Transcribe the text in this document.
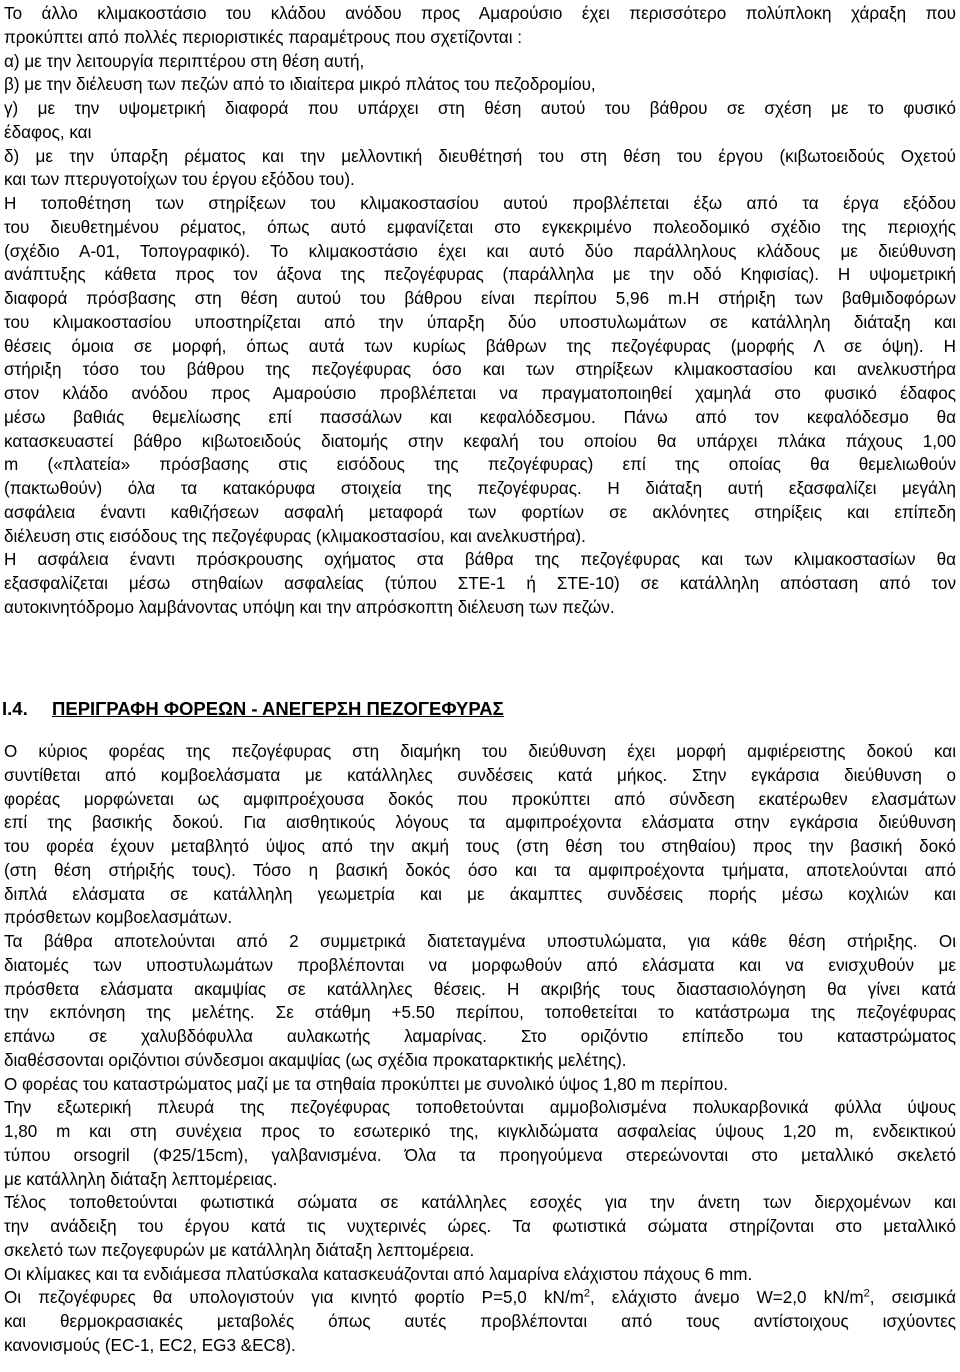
Το άλλο κλιμακοστάσιο του κλάδου ανόδου προς Αμαρούσιο έχει περισσότερο πολύπλοκη χάραξη που
προκύπτει από πολλές περιοριστικές παραμέτρους που σχετίζονται :
α) με την λειτουργία περιπτέρου στη θέση αυτή,
β) με την διέλευση των πεζών από το ιδιαίτερα μικρό πλάτος του πεζοδρομίου,
γ) με την υψομετρική διαφορά που υπάρχει στη θέση αυτού του βάθρου σε σχέση με το φυσικό
έδαφος, και
δ) με την ύπαρξη ρέματος και την μελλοντική διευθέτησή του στη θέση του έργου (κιβωτοειδούς Οχετού
και των πτερυγοτοίχων του έργου εξόδου του).
Η τοποθέτηση των στηρίξεων του κλιμακοστασίου αυτού προβλέπεται έξω από τα έργα εξόδου
του διευθετημένου ρέματος, όπως αυτό εμφανίζεται στο εγκεκριμένο πολεοδομικό σχέδιο της περιοχής
(σχέδιο Α-01, Τοπογραφικό). Το κλιμακοστάσιο έχει και αυτό δύο παράλληλους κλάδους με διεύθυνση
ανάπτυξης κάθετα προς τον άξονα της πεζογέφυρας (παράλληλα με την οδό Κηφισίας). Η υψομετρική
διαφορά πρόσβασης στη θέση αυτού του βάθρου είναι περίπου 5,96 m.Η στήριξη των βαθμιδοφόρων
του κλιμακοστασίου υποστηρίζεται από την ύπαρξη δύο υποστυλωμάτων σε κατάλληλη διάταξη και
θέσεις όμοια σε μορφή, όπως αυτά των κυρίως βάθρων της πεζογέφυρας (μορφής Λ σε όψη). Η
στήριξη τόσο του βάθρου της πεζογέφυρας όσο και των στηρίξεων κλιμακοστασίου και ανελκυστήρα
στον κλάδο ανόδου προς Αμαρούσιο προβλέπεται να πραγματοποιηθεί χαμηλά στο φυσικό έδαφος
μέσω βαθιάς θεμελίωσης επί πασσάλων και κεφαλόδεσμου. Πάνω από τον κεφαλόδεσμο θα
κατασκευαστεί βάθρο κιβωτοειδούς διατομής στην κεφαλή του οποίου θα υπάρχει πλάκα πάχους 1,00
m («πλατεία» πρόσβασης στις εισόδους της πεζογέφυρας) επί της οποίας θα θεμελιωθούν
(πακτωθούν) όλα τα κατακόρυφα στοιχεία της πεζογέφυρας. Η διάταξη αυτή εξασφαλίζει μεγάλη
ασφάλεια έναντι καθιζήσεων ασφαλή μεταφορά των φορτίων σε ακλόνητες στηρίξεις και επίπεδη
διέλευση στις εισόδους της πεζογέφυρας (κλιμακοστασίου, και ανελκυστήρα).
Η ασφάλεια έναντι πρόσκρουσης οχήματος στα βάθρα της πεζογέφυρας και των κλιμακοστασίων θα
εξασφαλίζεται μέσω στηθαίων ασφαλείας (τύπου ΣΤΕ-1 ή ΣΤΕ-10) σε κατάλληλη απόσταση από τον
αυτοκινητόδρομο λαμβάνοντας υπόψη και την απρόσκοπτη διέλευση των πεζών.
I.4. ΠΕΡΙΓΡΑΦΗ ΦΟΡΕΩΝ - ΑΝΕΓΕΡΣΗ ΠΕΖΟΓΕΦΥΡΑΣ
Ο κύριος φορέας της πεζογέφυρας στη διαμήκη του διεύθυνση έχει μορφή αμφιέρειστης δοκού και
συντίθεται από κομβοελάσματα με κατάλληλες συνδέσεις κατά μήκος. Στην εγκάρσια διεύθυνση ο
φορέας μορφώνεται ως αμφιπροέχουσα δοκός που προκύπτει από σύνδεση εκατέρωθεν ελασμάτων
επί της βασικής δοκού. Για αισθητικούς λόγους τα αμφιπροέχοντα ελάσματα στην εγκάρσια διεύθυνση
του φορέα έχουν μεταβλητό ύψος από την ακμή τους (στη θέση του στηθαίου) προς την βασική δοκό
(στη θέση στήριξής τους). Τόσο η βασική δοκός όσο και τα αμφιπροέχοντα τμήματα, αποτελούνται από
διπλά ελάσματα σε κατάλληλη γεωμετρία και με άκαμπτες συνδέσεις πορής μέσω κοχλιών και
πρόσθετων κομβοελασμάτων.
Τα βάθρα αποτελούνται από 2 συμμετρικά διατεταγμένα υποστυλώματα, για κάθε θέση στήριξης. Οι
διατομές των υποστυλωμάτων προβλέπονται να μορφωθούν από ελάσματα και να ενισχυθούν με
πρόσθετα ελάσματα ακαμψίας σε κατάλληλες θέσεις. Η ακριβής τους διαστασιολόγηση θα γίνει κατά
την εκπόνηση της μελέτης. Σε στάθμη +5.50 περίπου, τοποθετείται το κατάστρωμα της πεζογέφυρας
επάνω σε χαλυβδόφυλλα αυλακωτής λαμαρίνας. Στο οριζόντιο επίπεδο του καταστρώματος
διαθέσσονται οριζόντιοι σύνδεσμοι ακαμψίας (ως σχέδια προκαταρκτικής μελέτης).
Ο φορέας του καταστρώματος μαζί με τα στηθαία προκύπτει με συνολικό ύψος 1,80 m περίπου.
Την εξωτερική πλευρά της πεζογέφυρας τοποθετούνται αμμοβολισμένα πολυκαρβονικά φύλλα ύψους
1,80 m και στη συνέχεια προς το εσωτερικό της, κιγκλιδώματα ασφαλείας ύψους 1,20 m, ενδεικτικού
τύπου orsogril (Φ25/15cm), γαλβανισμένα. Όλα τα προηγούμενα στερεώνονται στο μεταλλικό σκελετό
με κατάλληλη διάταξη λεπτομέρειας.
Τέλος τοποθετούνται φωτιστικά σώματα σε κατάλληλες εσοχές για την άνετη των διερχομένων και
την ανάδειξη του έργου κατά τις νυχτερινές ώρες. Τα φωτιστικά σώματα στηρίζονται στο μεταλλικό
σκελετό των πεζογεφυρών με κατάλληλη διάταξη λεπτομέρεια.
Οι κλίμακες και τα ενδιάμεσα πλατύσκαλα κατασκευάζονται από λαμαρίνα ελάχιστου πάχους 6 mm.
Οι πεζογέφυρες θα υπολογιστούν για κινητό φορτίο P=5,0 $kN/m^2$, ελάχιστο άνεμο W=2,0 $kN/m^2$, σεισμικά
και θερμοκρασιακές μεταβολές όπως αυτές προβλέπονται από τους αντίστοιχους ισχύοντες
κανονισμούς (EC-1, EC2, EG3 &EC8).
